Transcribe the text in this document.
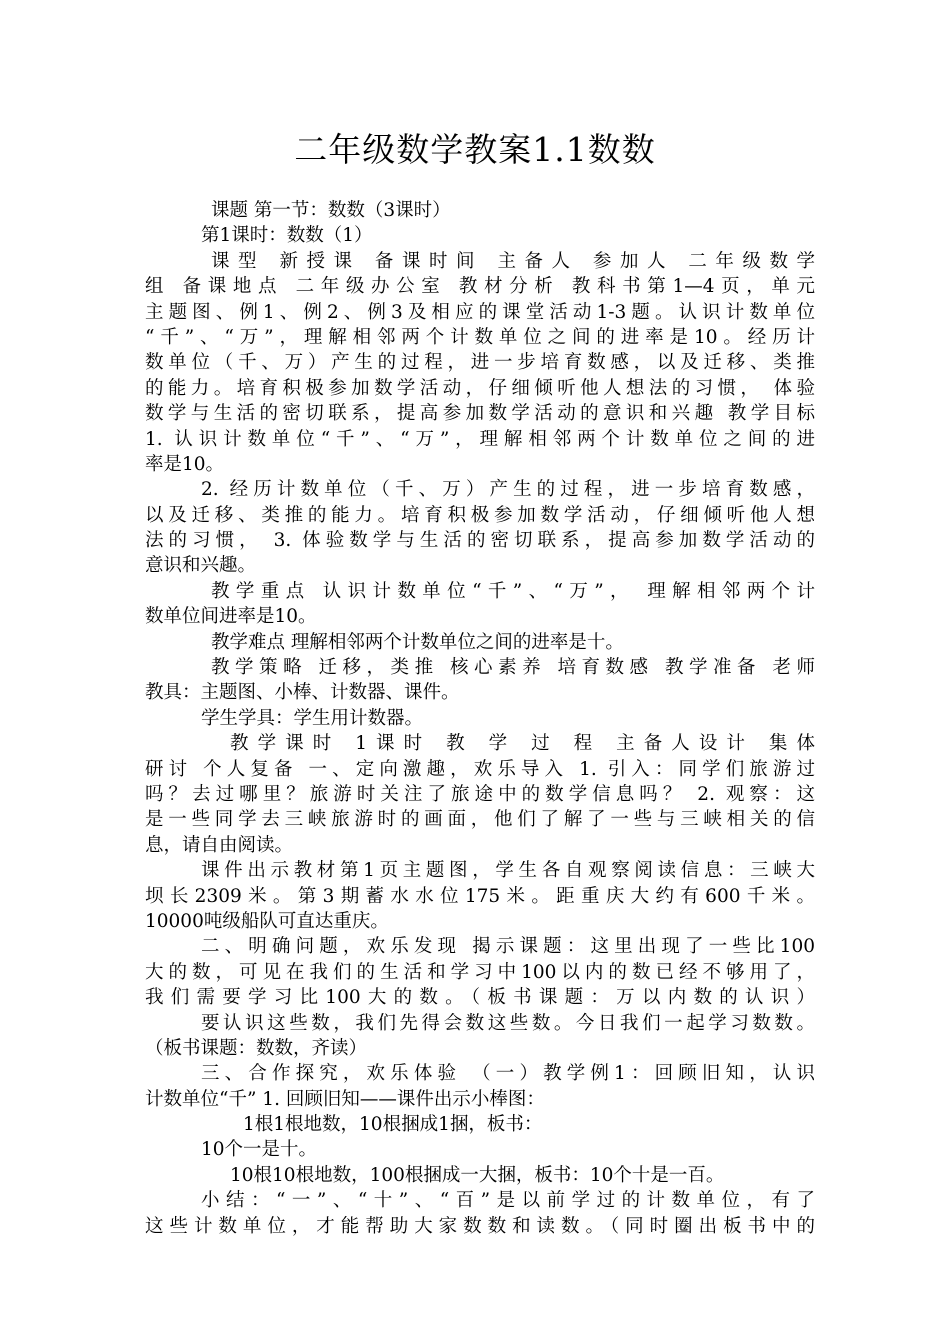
二年级数学教案1.1数数
课题 第一节：数数（3课时）
第1课时：数数（1）
课型 新授课 备课时间 主备人 参加人 二年级数学
组 备课地点 二年级办公室 教材分析 教科书第1—4页，单元
主题图、例1、例2、例3及相应的课堂活动1-3题。认识计数单位
“千”、“万”，理解相邻两个计数单位之间的进率是10。经历计
数单位（千、万）产生的过程，进一步培育数感，以及迁移、类推
的能力。培育积极参加数学活动，仔细倾听他人想法的习惯， 体验
数学与生活的密切联系，提高参加数学活动的意识和兴趣 教学目标
1. 认识计数单位“千”、“万”，理解相邻两个计数单位之间的进
率是10。
2. 经历计数单位（千、万）产生的过程，进一步培育数感，
以及迁移、类推的能力。培育积极参加数学活动，仔细倾听他人想
法的习惯， 3. 体验数学与生活的密切联系，提高参加数学活动的
意识和兴趣。
教学重点 认识计数单位“千”、“万”， 理解相邻两个计
数单位间进率是10。
教学难点 理解相邻两个计数单位之间的进率是十。
教学策略 迁移，类推 核心素养 培育数感 教学准备 老师
教具：主题图、小棒、计数器、课件。
学生学具：学生用计数器。
教学课时 1课时 教 学 过 程 主备人设计 集体
研讨 个人复备 一、定向激趣，欢乐导入 1. 引入：同学们旅游过
吗？去过哪里？旅游时关注了旅途中的数学信息吗？ 2. 观察：这
是一些同学去三峡旅游时的画面，他们了解了一些与三峡相关的信
息，请自由阅读。
课件出示教材第1页主题图，学生各自观察阅读信息：三峡大
坝长2309米。第3期蓄水水位175米。距重庆大约有600千米。
10000吨级船队可直达重庆。
二、明确问题，欢乐发现 揭示课题：这里出现了一些比100
大的数，可见在我们的生活和学习中100以内的数已经不够用了，
我们需要学习比100大的数。（板书课题：万以内数的认识）
要认识这些数，我们先得会数这些数。今日我们一起学习数数。
（板书课题：数数，齐读）
三、合作探究，欢乐体验 （一）教学例1：回顾旧知，认识
计数单位“千” 1. 回顾旧知——课件出示小棒图：
1根1根地数，10根捆成1捆，板书：
10个一是十。
10根10根地数，100根捆成一大捆，板书：10个十是一百。
小结：“一”、“十”、“百”是以前学过的计数单位，有了
这些计数单位，才能帮助大家数数和读数。（同时圈出板书中的
